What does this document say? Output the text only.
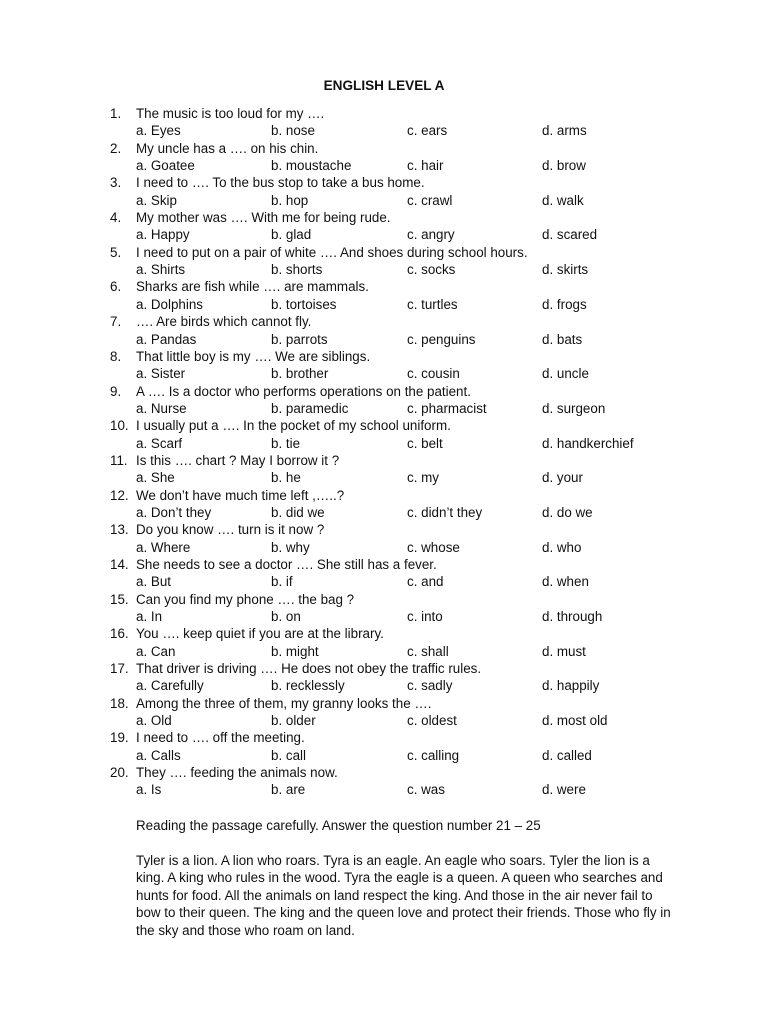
ENGLISH LEVEL A
1.	The music is too loud for my ….
a. Eyes	b. nose	c. ears	d. arms
2.	My uncle has a …. on his chin.
a. Goatee	b. moustache	c. hair	d. brow
3.	I need to …. To the bus stop to take a bus home.
a. Skip	b. hop	c. crawl	d. walk
4.	My mother was …. With me for being rude.
a. Happy	b. glad	c. angry	d. scared
5.	I need to put on a pair of white …. And shoes during school hours.
a. Shirts	b. shorts	c. socks	d. skirts
6.	Sharks are fish while …. are mammals.
a. Dolphins	b. tortoises	c. turtles	d. frogs
7.	…. Are birds which cannot fly.
a. Pandas	b. parrots	c. penguins	d. bats
8.	That little boy is my …. We are siblings.
a. Sister	b. brother	c. cousin	d. uncle
9.	A …. Is a doctor who performs operations on the patient.
a. Nurse	b. paramedic	c. pharmacist	d. surgeon
10. I usually put a …. In the pocket of my school uniform.
a. Scarf	b. tie	c. belt	d. handkerchief
11. Is this …. chart ? May I borrow it ?
a. She	b. he	c. my	d. your
12. We don’t have much time left ,…..?
a. Don’t they	b. did we	c. didn’t they	d. do we
13. Do you know …. turn is it now ?
a. Where	b. why	c. whose	d. who
14. She needs to see a doctor …. She still has a fever.
a. But	b. if	c. and	d. when
15. Can you find my phone …. the bag ?
a. In	b. on	c. into	d. through
16. You …. keep quiet if you are at the library.
a. Can	b. might	c. shall	d. must
17. That driver is driving …. He does not obey the traffic rules.
a. Carefully	b. recklessly	c. sadly	d. happily
18. Among the three of them, my granny looks the ….
a. Old	b. older	c. oldest	d. most old
19. I need to …. off the meeting.
a. Calls	b. call	c. calling	d. called
20. They …. feeding the animals now.
a. Is	b. are	c. was	d. were
Reading the passage carefully. Answer the question number 21 – 25
Tyler is a lion. A lion who roars. Tyra is an eagle. An eagle who soars. Tyler the lion is a king. A king who rules in the wood. Tyra the eagle is a queen. A queen who searches and hunts for food. All the animals on land respect the king. And those in the air never fail to bow to their queen. The king and the queen love and protect their friends. Those who fly in the sky and those who roam on land.
